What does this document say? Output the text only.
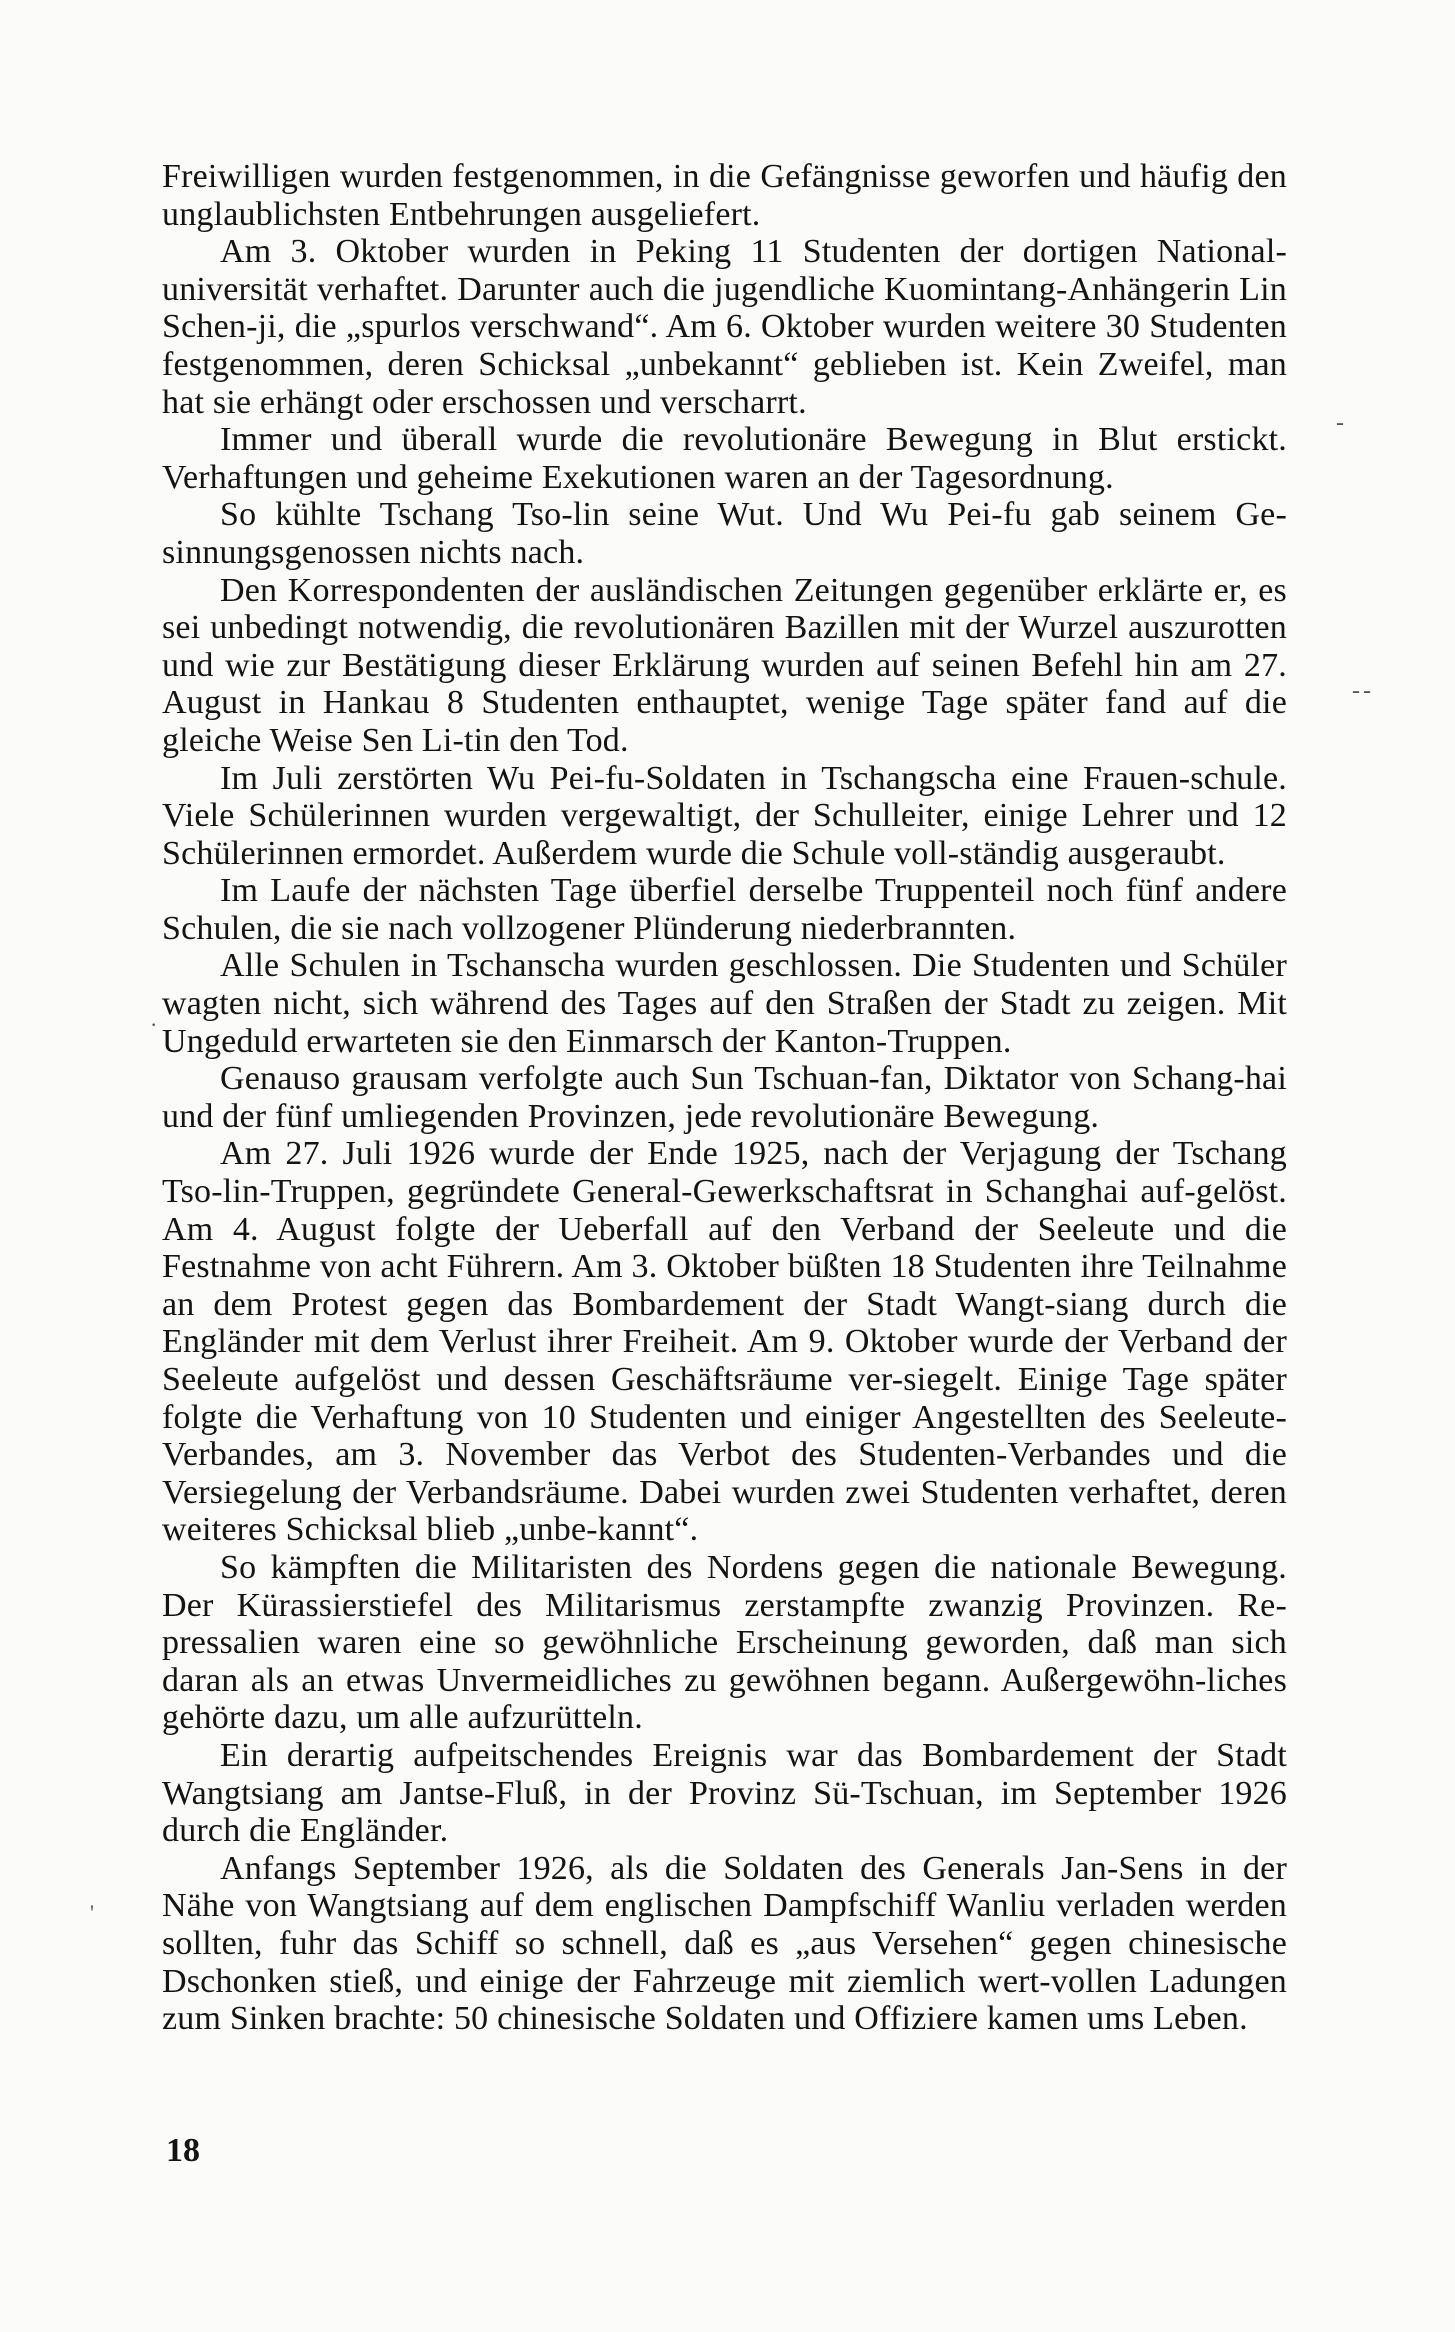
Freiwilligen wurden festgenommen, in die Gefängnisse geworfen und häufig den unglaublichsten Entbehrungen ausgeliefert.

Am 3. Oktober wurden in Peking 11 Studenten der dortigen National-universität verhaftet. Darunter auch die jugendliche Kuomintang-Anhängerin Lin Schen-ji, die „spurlos verschwand“. Am 6. Oktober wurden weitere 30 Studenten festgenommen, deren Schicksal „unbekannt“ geblieben ist. Kein Zweifel, man hat sie erhängt oder erschossen und verscharrt.

Immer und überall wurde die revolutionäre Bewegung in Blut erstickt. Verhaftungen und geheime Exekutionen waren an der Tagesordnung.

So kühlte Tschang Tso-lin seine Wut. Und Wu Pei-fu gab seinem Ge-sinnungsgenossen nichts nach.

Den Korrespondenten der ausländischen Zeitungen gegenüber erklärte er, es sei unbedingt notwendig, die revolutionären Bazillen mit der Wurzel auszurotten und wie zur Bestätigung dieser Erklärung wurden auf seinen Befehl hin am 27. August in Hankau 8 Studenten enthauptet, wenige Tage später fand auf die gleiche Weise Sen Li-tin den Tod.

Im Juli zerstörten Wu Pei-fu-Soldaten in Tschangscha eine Frauen-schule. Viele Schülerinnen wurden vergewaltigt, der Schulleiter, einige Lehrer und 12 Schülerinnen ermordet. Außerdem wurde die Schule voll-ständig ausgeraubt.

Im Laufe der nächsten Tage überfiel derselbe Truppenteil noch fünf andere Schulen, die sie nach vollzogener Plünderung niederbrannten.

Alle Schulen in Tschanscha wurden geschlossen. Die Studenten und Schüler wagten nicht, sich während des Tages auf den Straßen der Stadt zu zeigen. Mit Ungeduld erwarteten sie den Einmarsch der Kanton-Truppen.

Genauso grausam verfolgte auch Sun Tschuan-fan, Diktator von Schang-hai und der fünf umliegenden Provinzen, jede revolutionäre Bewegung.

Am 27. Juli 1926 wurde der Ende 1925, nach der Verjagung der Tschang Tso-lin-Truppen, gegründete General-Gewerkschaftsrat in Schanghai auf-gelöst. Am 4. August folgte der Ueberfall auf den Verband der Seeleute und die Festnahme von acht Führern. Am 3. Oktober büßten 18 Studenten ihre Teilnahme an dem Protest gegen das Bombardement der Stadt Wangt-siang durch die Engländer mit dem Verlust ihrer Freiheit. Am 9. Oktober wurde der Verband der Seeleute aufgelöst und dessen Geschäftsräume ver-siegelt. Einige Tage später folgte die Verhaftung von 10 Studenten und einiger Angestellten des Seeleute-Verbandes, am 3. November das Verbot des Studenten-Verbandes und die Versiegelung der Verbandsräume. Dabei wurden zwei Studenten verhaftet, deren weiteres Schicksal blieb „unbe-kannt“.

So kämpften die Militaristen des Nordens gegen die nationale Bewegung. Der Kürassierstiefel des Militarismus zerstampfte zwanzig Provinzen. Re-pressalien waren eine so gewöhnliche Erscheinung geworden, daß man sich daran als an etwas Unvermeidliches zu gewöhnen begann. Außergewöhn-liches gehörte dazu, um alle aufzurütteln.

Ein derartig aufpeitschendes Ereignis war das Bombardement der Stadt Wangtsiang am Jantse-Fluß, in der Provinz Sü-Tschuan, im September 1926 durch die Engländer.

Anfangs September 1926, als die Soldaten des Generals Jan-Sens in der Nähe von Wangtsiang auf dem englischen Dampfschiff Wanliu verladen werden sollten, fuhr das Schiff so schnell, daß es „aus Versehen“ gegen chinesische Dschonken stieß, und einige der Fahrzeuge mit ziemlich wert-vollen Ladungen zum Sinken brachte: 50 chinesische Soldaten und Offiziere kamen ums Leben.

18
-
--
·
'
